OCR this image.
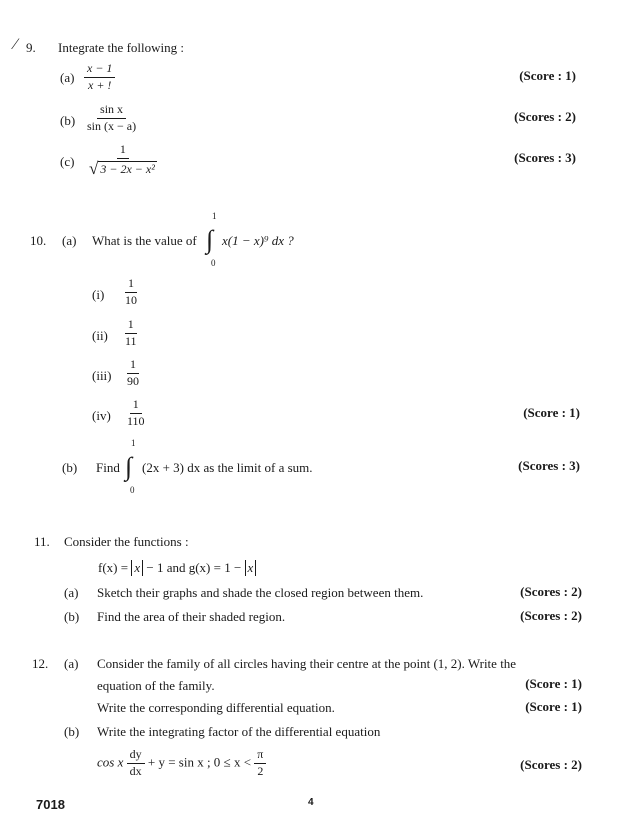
⁄ 9. Integrate the following :
$(a) \frac{x - 1}{x + !}$	(Score : 1)
$(b) \frac{\text{sin x}}{\sin (x - a)}$	(Scores : 2)
$(c) \frac{1}{\text{√ 3 − 2x − x²}}$	(Scores : 3)
10. (a) What is the value of ∫
1
0
x(1 − x)⁹ dx ?
$(i) \frac{1}{10}$
$(ii) \frac{1}{11}$
$(iii) \frac{1}{90}$
$(iv) \frac{1}{110}$	(Score : 1)
(b) Find ∫
1
0
(2x + 3) dx as the limit of a sum.	(Scores : 3)
11. Consider the functions :
f(x) = x − 1 and g(x) = 1 − x
(a) Sketch their graphs and shade the closed region between them.	(Scores : 2)
(b) Find the area of their shaded region.	(Scores : 2)
12. (a) Consider the family of all circles having their centre at the point (1, 2). Write the
equation of the family.	(Score : 1)
Write the corresponding differential equation.	(Score : 1)
(b) Write the integrating factor of the differential equation
cos x $\frac{dy}{dx} + y = \sin x$ ; $0 \le x < \frac{\pi}{2}$	(Scores : 2)
7018	4
